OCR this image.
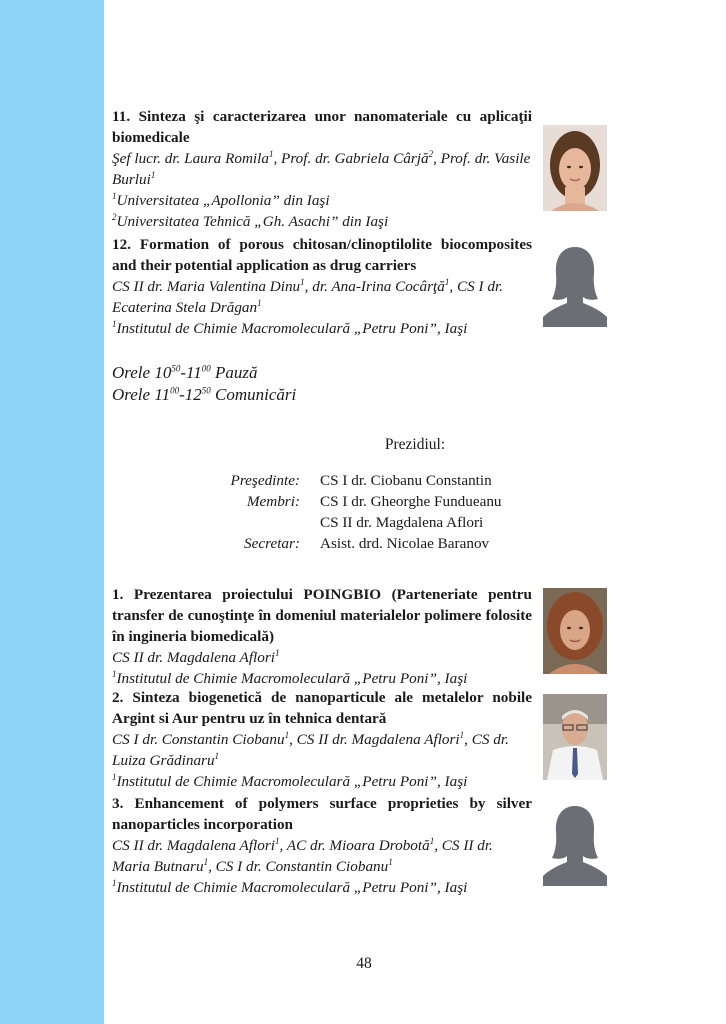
11. Sinteza şi caracterizarea unor nanomateriale cu aplicaţii biomedicale
Şef lucr. dr. Laura Romila$^1$, Prof. dr. Gabriela Cârjă$^2$, Prof. dr. Vasile Burlui$^1$
$^1$Universitatea „Apollonia” din Iaşi
$^2$Universitatea Tehnică „Gh. Asachi” din Iaşi
12. Formation of porous chitosan/clinoptilolite biocomposites and their potential application as drug carriers
CS II dr. Maria Valentina Dinu$^1$, dr. Ana-Irina Cocârţă$^1$, CS I dr. Ecaterina Stela Drăgan$^1$
$^1$Institutul de Chimie Macromoleculară „Petru Poni”, Iaşi
Orele $10^{50}-11^{00}$ Pauză
Orele $11^{00}-12^{50}$ Comunicări
Prezidiul:
Preşedinte: CS I dr. Ciobanu Constantin
Membri: CS I dr. Gheorghe Fundueanu
CS II dr. Magdalena Aflori
Secretar: Asist. drd. Nicolae Baranov
1. Prezentarea proiectului POINGBIO (Parteneriate pentru transfer de cunoştinţe în domeniul materialelor polimere folosite în ingineria biomedicală)
CS II dr. Magdalena Aflori$^1$
$^1$Institutul de Chimie Macromoleculară „Petru Poni”, Iaşi
2. Sinteza biogenetică de nanoparticule ale metalelor nobile Argint si Aur pentru uz în tehnica dentară
CS I dr. Constantin Ciobanu$^1$, CS II dr. Magdalena Aflori$^1$, CS dr. Luiza Grădinaru$^1$
$^1$Institutul de Chimie Macromoleculară „Petru Poni”, Iaşi
3. Enhancement of polymers surface proprieties by silver nanoparticles incorporation
CS II dr. Magdalena Aflori$^1$, AC dr. Mioara Drobotă$^1$, CS II dr. Maria Butnaru$^1$, CS I dr. Constantin Ciobanu$^1$
$^1$Institutul de Chimie Macromoleculară „Petru Poni”, Iaşi
48
